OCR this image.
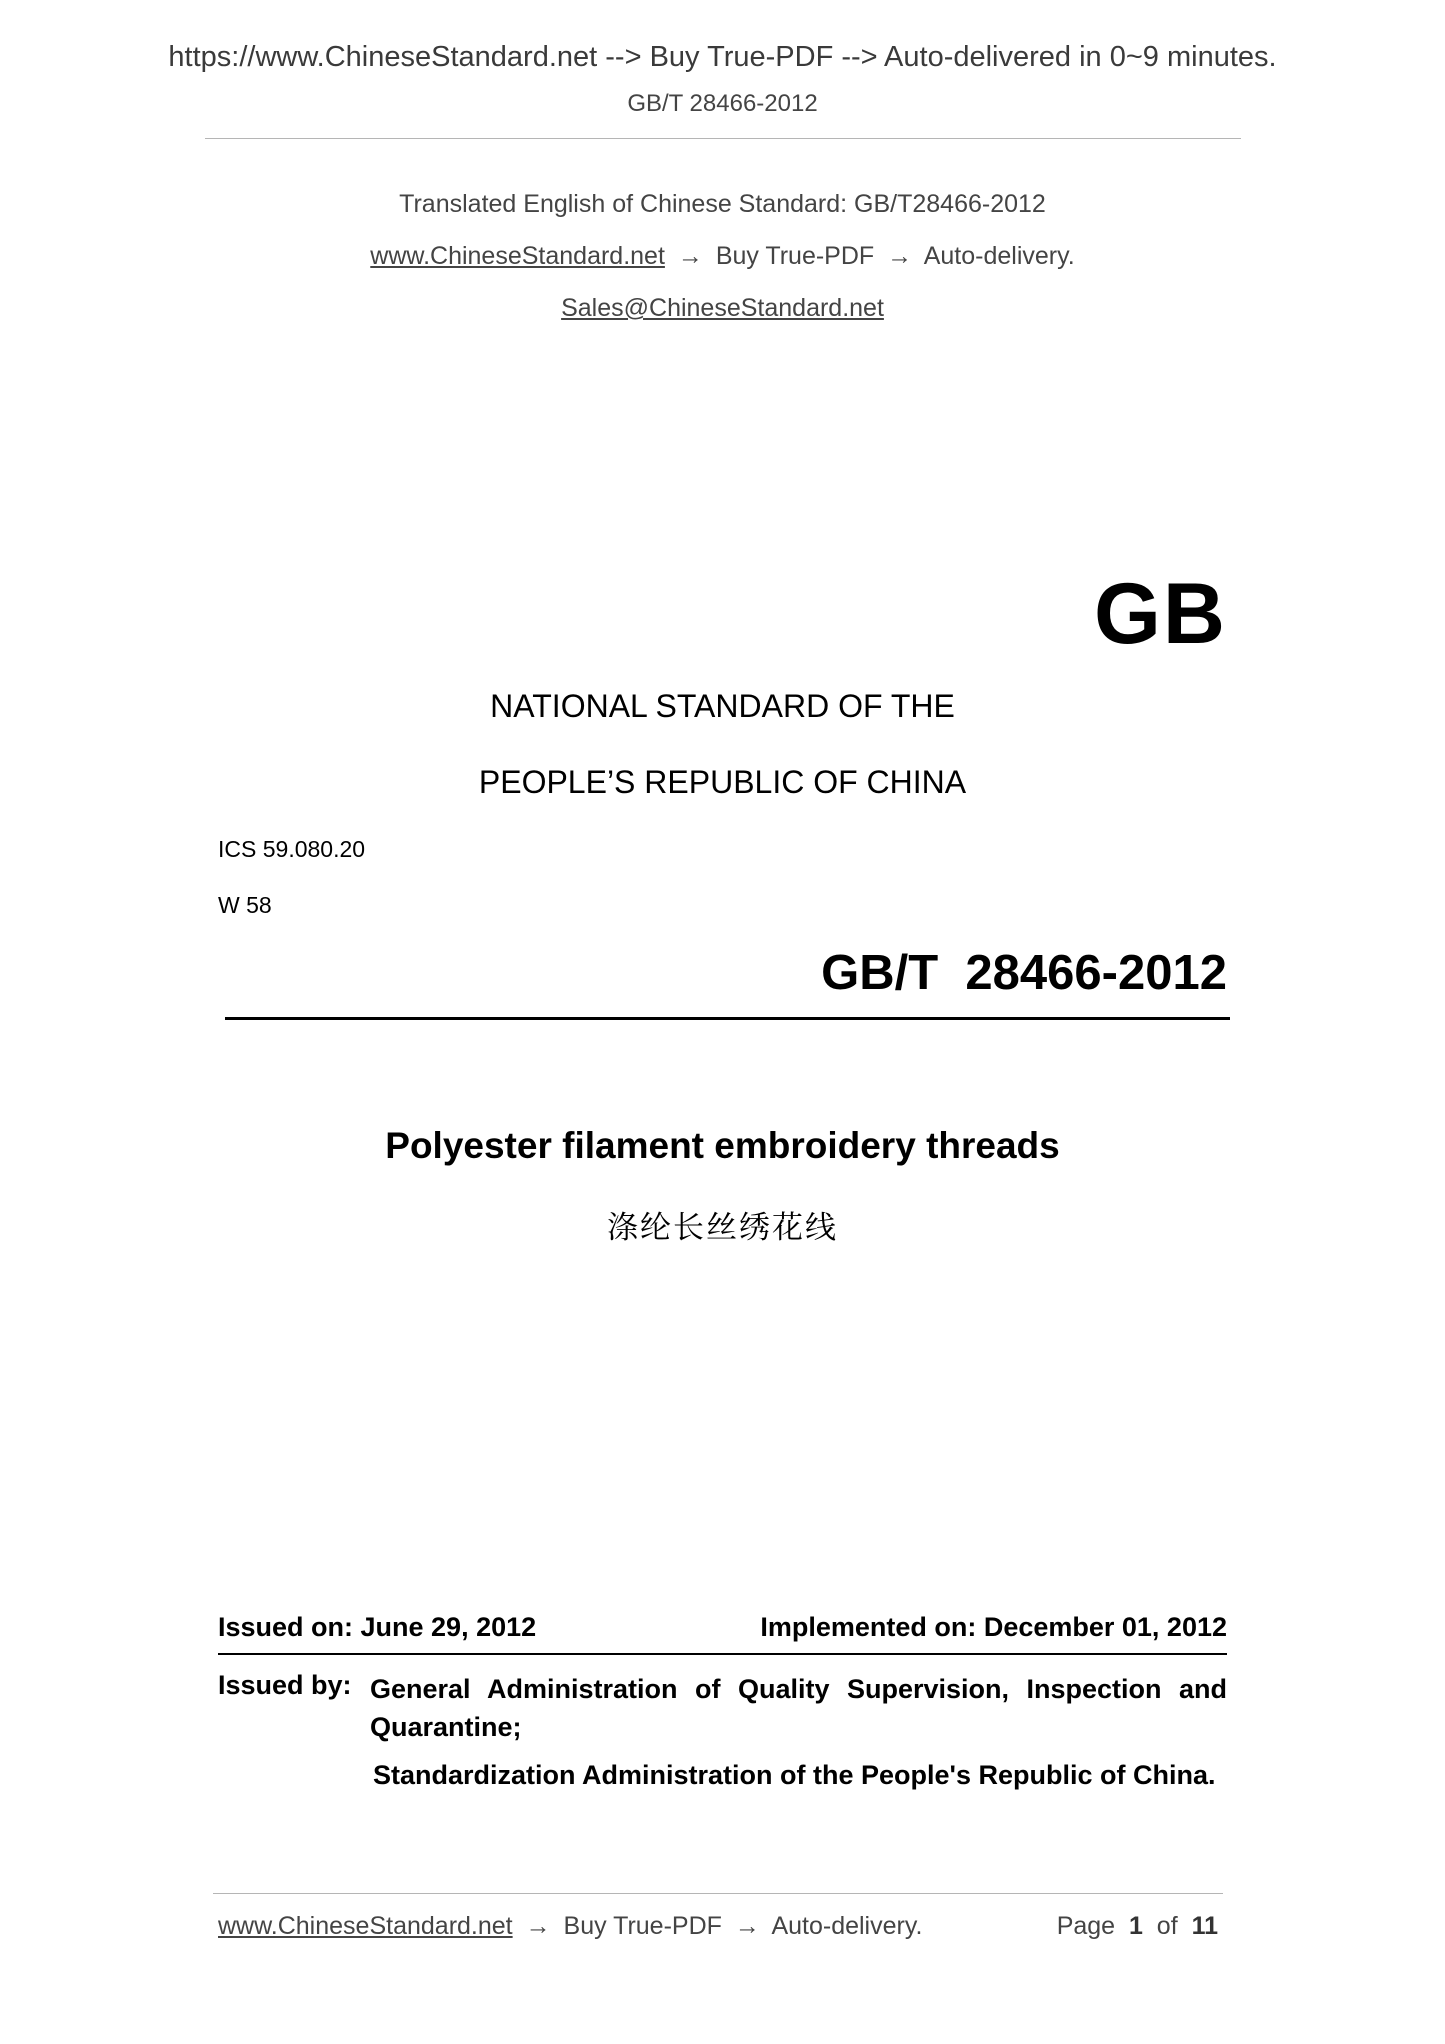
https://www.ChineseStandard.net --> Buy True-PDF --> Auto-delivered in 0~9 minutes.
GB/T 28466-2012
Translated English of Chinese Standard: GB/T28466-2012
www.ChineseStandard.net → Buy True-PDF → Auto-delivery.
Sales@ChineseStandard.net
GB
NATIONAL STANDARD OF THE
PEOPLE’S REPUBLIC OF CHINA
ICS 59.080.20
W 58
GB/T  28466-2012
Polyester filament embroidery threads
涤纶长丝绣花线
Issued on: June 29, 2012	Implemented on: December 01, 2012
Issued by: General Administration of Quality Supervision, Inspection and Quarantine;
Standardization Administration of the People's Republic of China.
www.ChineseStandard.net → Buy True-PDF → Auto-delivery.	Page 1 of 11
